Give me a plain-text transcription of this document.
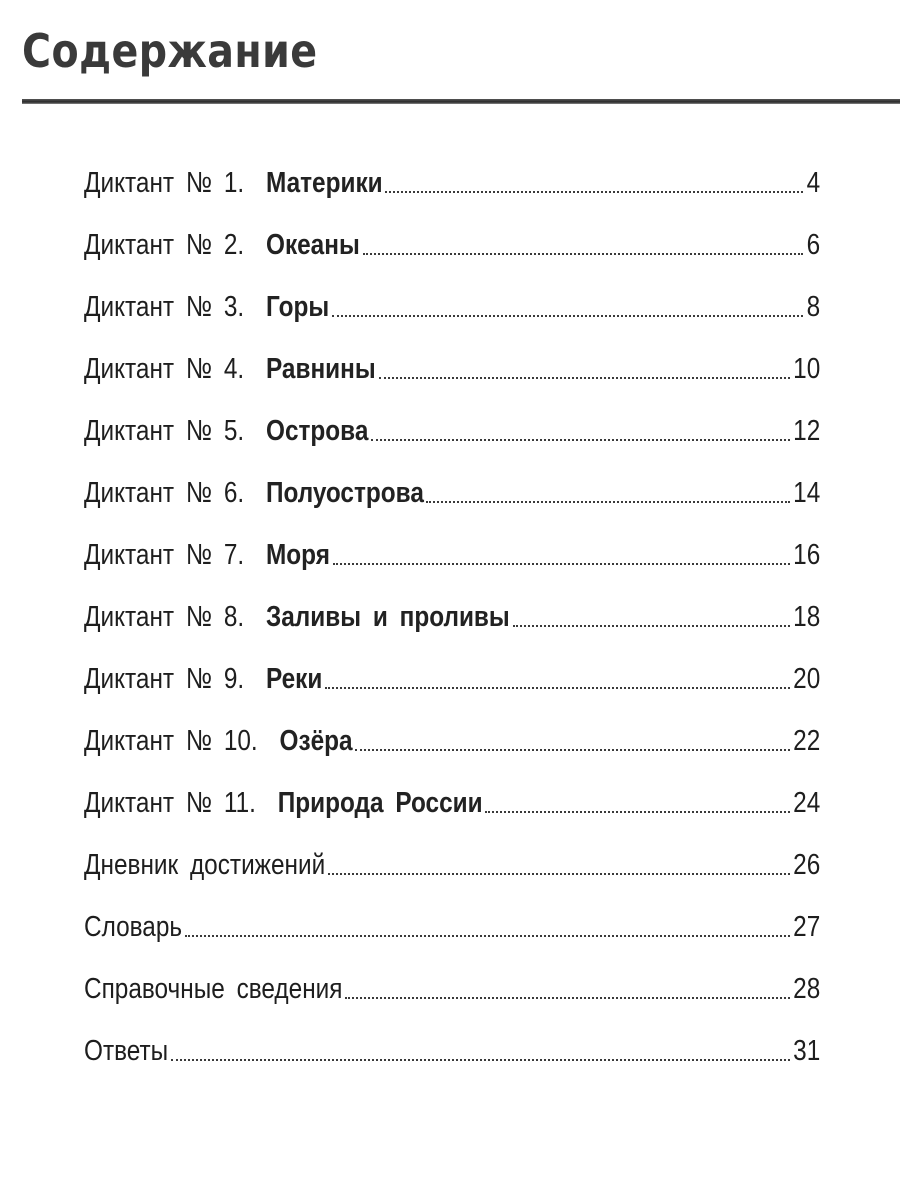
Содержание
Диктант № 1. Материки	4
Диктант № 2. Океаны	6
Диктант № 3. Горы	8
Диктант № 4. Равнины	10
Диктант № 5. Острова	12
Диктант № 6. Полуострова	14
Диктант № 7. Моря	16
Диктант № 8. Заливы и проливы	18
Диктант № 9. Реки	20
Диктант № 10. Озёра	22
Диктант № 11. Природа России	24
Дневник достижений	26
Словарь	27
Справочные сведения	28
Ответы	31
